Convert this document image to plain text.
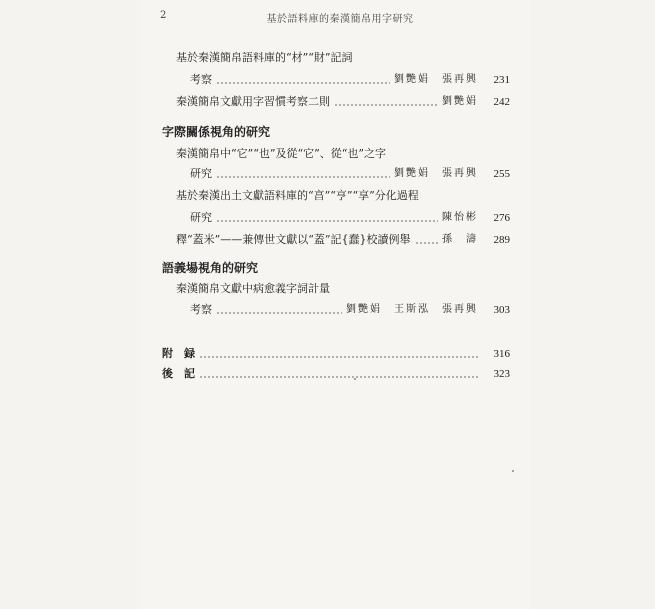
2	基於語料庫的秦漢簡帛用字研究
基於秦漢簡帛語料庫的“材”“財”記詞
考察	劉艷娟　張再興	231
秦漢簡帛文獻用字習慣考察二則	劉艷娟	242
字際關係視角的研究
秦漢簡帛中“它”“也”及從“它”、從“也”之字
研究	劉艷娟　張再興	255
基於秦漢出土文獻語料庫的“亯”“亨”“享”分化過程
研究	陳怡彬	276
釋“蓋米”——兼傳世文獻以“蓋”記{蠢}校讀例舉	孫　濤	289
語義場視角的研究
秦漢簡帛文獻中病愈義字詞計量
考察	劉艷娟　王斯泓　張再興	303
附　録	316
後　記	323
